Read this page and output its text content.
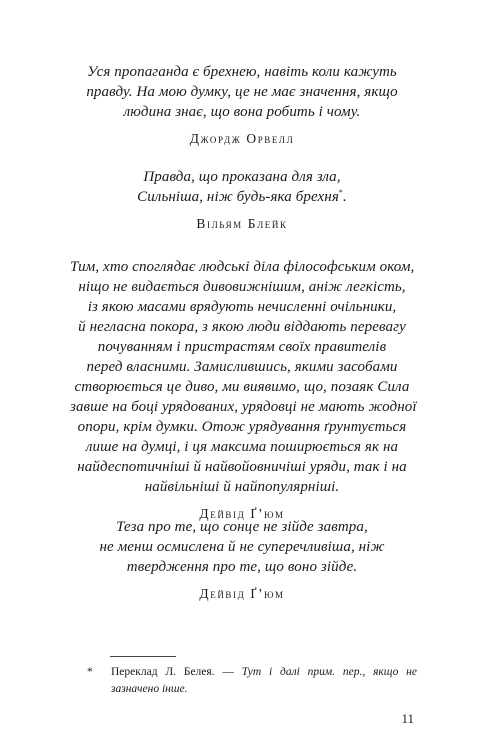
Уся пропаганда є брехнею, навіть коли кажуть
правду. На мою думку, це не має значення, якщо
людина знає, що вона робить і чому.

Джордж Орвелл

Правда, що проказана для зла,
Сильніша, ніж будь-яка брехня*.

Вільям Блейк

Тим, хто споглядає людські діла філософським оком,
ніщо не видається дивовижнішим, аніж легкість,
із якою масами врядують нечисленні очільники,
й негласна покора, з якою люди віддають перевагу
почуванням і пристрастям своїх правителів
перед власними. Замислившись, якими засобами
створюється це диво, ми виявимо, що, позаяк Сила
завше на боці урядованих, урядовці не мають жодної
опори, крім думки. Отож урядування ґрунтується
лише на думці, і ця максима поширюється як на
найдеспотичніші й найвойовничіші уряди, так і на
найвільніші й найпопулярніші.

Дейвід Ґ’юм

Теза про те, що сонце не зійде завтра,
не менш осмислена й не суперечливіша, ніж
твердження про те, що воно зійде.

Дейвід Ґ’юм
* Переклад Л. Белея. — Тут і далі прим. пер., якщо не зазначено інше.
11
